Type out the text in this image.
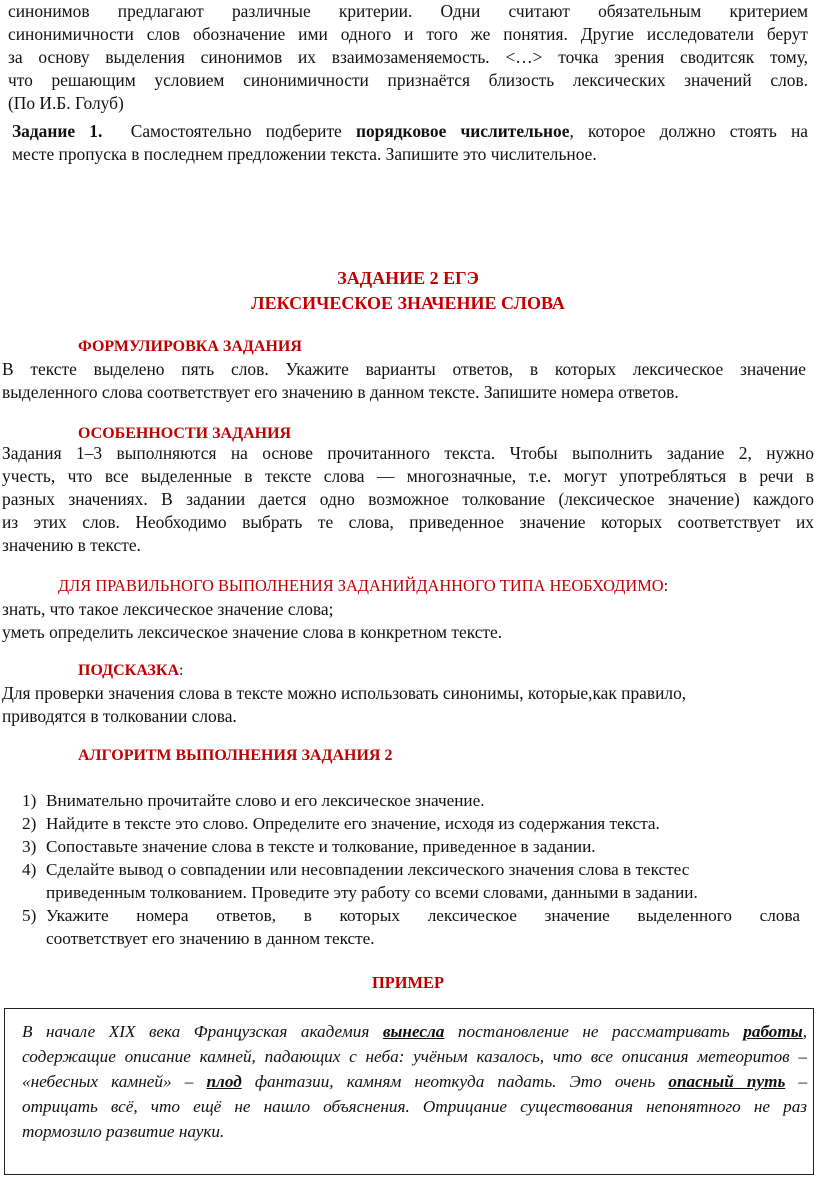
синонимов предлагают различные критерии. Одни считают обязательным критерием
синонимичности слов обозначение ими одного и того же понятия. Другие исследователи берут
за основу выделения синонимов их взаимозаменяемость. <…> точка зрения сводитсяк тому,
что решающим условием синонимичности признаётся близость лексических значений слов.
(По И.Б. Голуб)
Задание 1. Самостоятельно подберите порядковое числительное, которое должно стоять на
месте пропуска в последнем предложении текста. Запишите это числительное.
ЗАДАНИЕ 2 ЕГЭ
ЛЕКСИЧЕСКОЕ ЗНАЧЕНИЕ СЛОВА
ФОРМУЛИРОВКА ЗАДАНИЯ
В тексте выделено пять слов. Укажите варианты ответов, в которых лексическое значение
выделенного слова соответствует его значению в данном тексте. Запишите номера ответов.
ОСОБЕННОСТИ ЗАДАНИЯ
Задания 1–3 выполняются на основе прочитанного текста. Чтобы выполнить задание 2, нужно
учесть, что все выделенные в тексте слова — многозначные, т.е. могут употребляться в речи в
разных значениях. В задании дается одно возможное толкование (лексическое значение) каждого
из этих слов. Необходимо выбрать те слова, приведенное значение которых соответствует их
значению в тексте.
ДЛЯ ПРАВИЛЬНОГО ВЫПОЛНЕНИЯ ЗАДАНИЙДАННОГО ТИПА НЕОБХОДИМО:
знать, что такое лексическое значение слова;
уметь определить лексическое значение слова в конкретном тексте.
ПОДСКАЗКА:
Для проверки значения слова в тексте можно использовать синонимы, которые,как правило,
приводятся в толковании слова.
АЛГОРИТМ ВЫПОЛНЕНИЯ ЗАДАНИЯ 2
1) Внимательно прочитайте слово и его лексическое значение.
2) Найдите в тексте это слово. Определите его значение, исходя из содержания текста.
3) Сопоставьте значение слова в тексте и толкование, приведенное в задании.
4) Сделайте вывод о совпадении или несовпадении лексического значения слова в текстес
приведенным толкованием. Проведите эту работу со всеми словами, данными в задании.
5) Укажите номера ответов, в которых лексическое значение выделенного слова
соответствует его значению в данном тексте.
ПРИМЕР
В начале XIX века Французская академия вынесла постановление не рассматривать работы,
содержащие описание камней, падающих с неба: учёным казалось, что все описания метеоритов –
«небесных камней» – плод фантазии, камням неоткуда падать. Это очень опасный путь –
отрицать всё, что ещё не нашло объяснения. Отрицание существования непонятного не раз
тормозило развитие науки.
